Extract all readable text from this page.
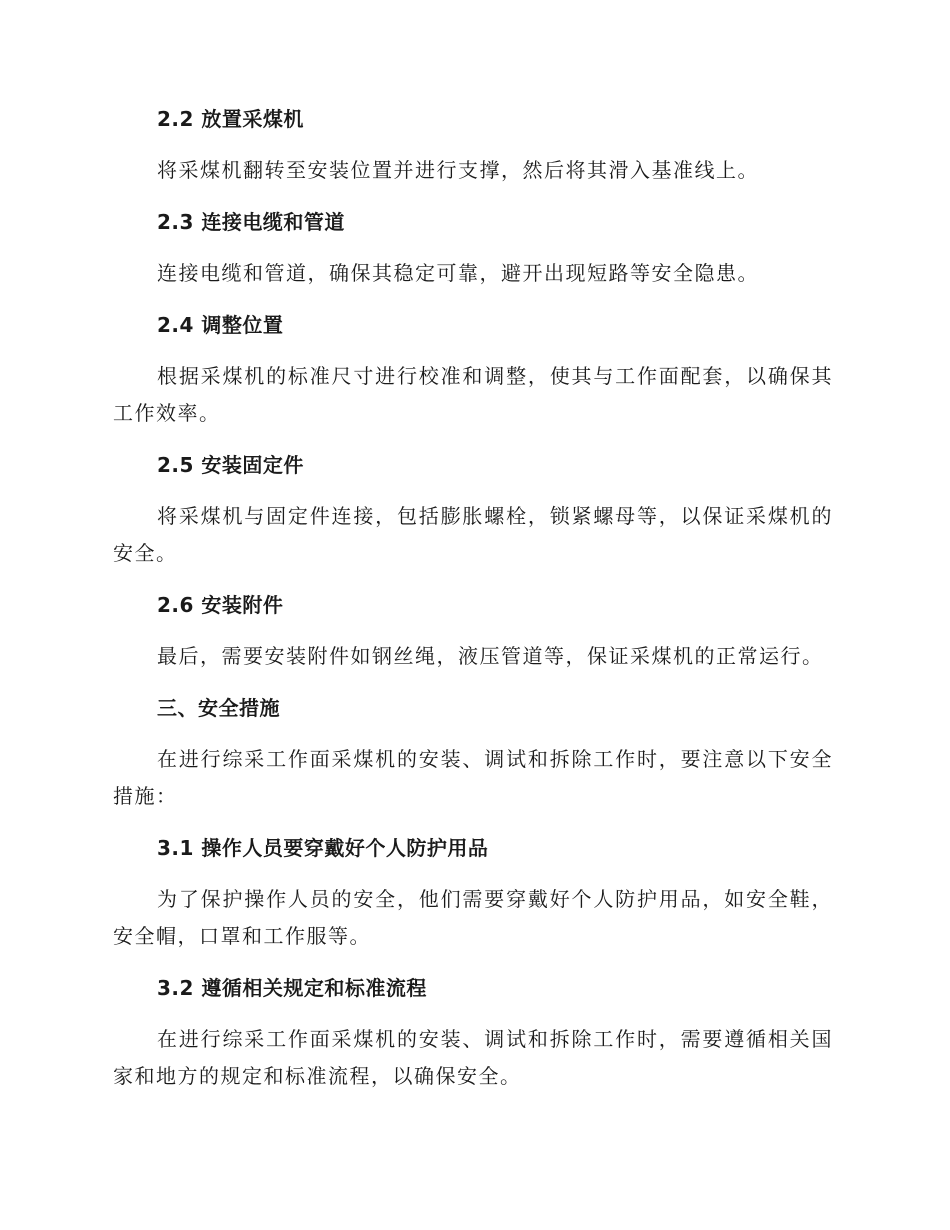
2.2 放置采煤机

将采煤机翻转至安装位置并进行支撑，然后将其滑入基准线上。

2.3 连接电缆和管道

连接电缆和管道，确保其稳定可靠，避开出现短路等安全隐患。

2.4 调整位置

根据采煤机的标准尺寸进行校准和调整，使其与工作面配套，以确保其工作效率。

2.5 安装固定件

将采煤机与固定件连接，包括膨胀螺栓，锁紧螺母等，以保证采煤机的安全。

2.6 安装附件

最后，需要安装附件如钢丝绳，液压管道等，保证采煤机的正常运行。

三、安全措施

在进行综采工作面采煤机的安装、调试和拆除工作时，要注意以下安全措施：

3.1 操作人员要穿戴好个人防护用品

为了保护操作人员的安全，他们需要穿戴好个人防护用品，如安全鞋，安全帽，口罩和工作服等。

3.2 遵循相关规定和标准流程

在进行综采工作面采煤机的安装、调试和拆除工作时，需要遵循相关国家和地方的规定和标准流程，以确保安全。
